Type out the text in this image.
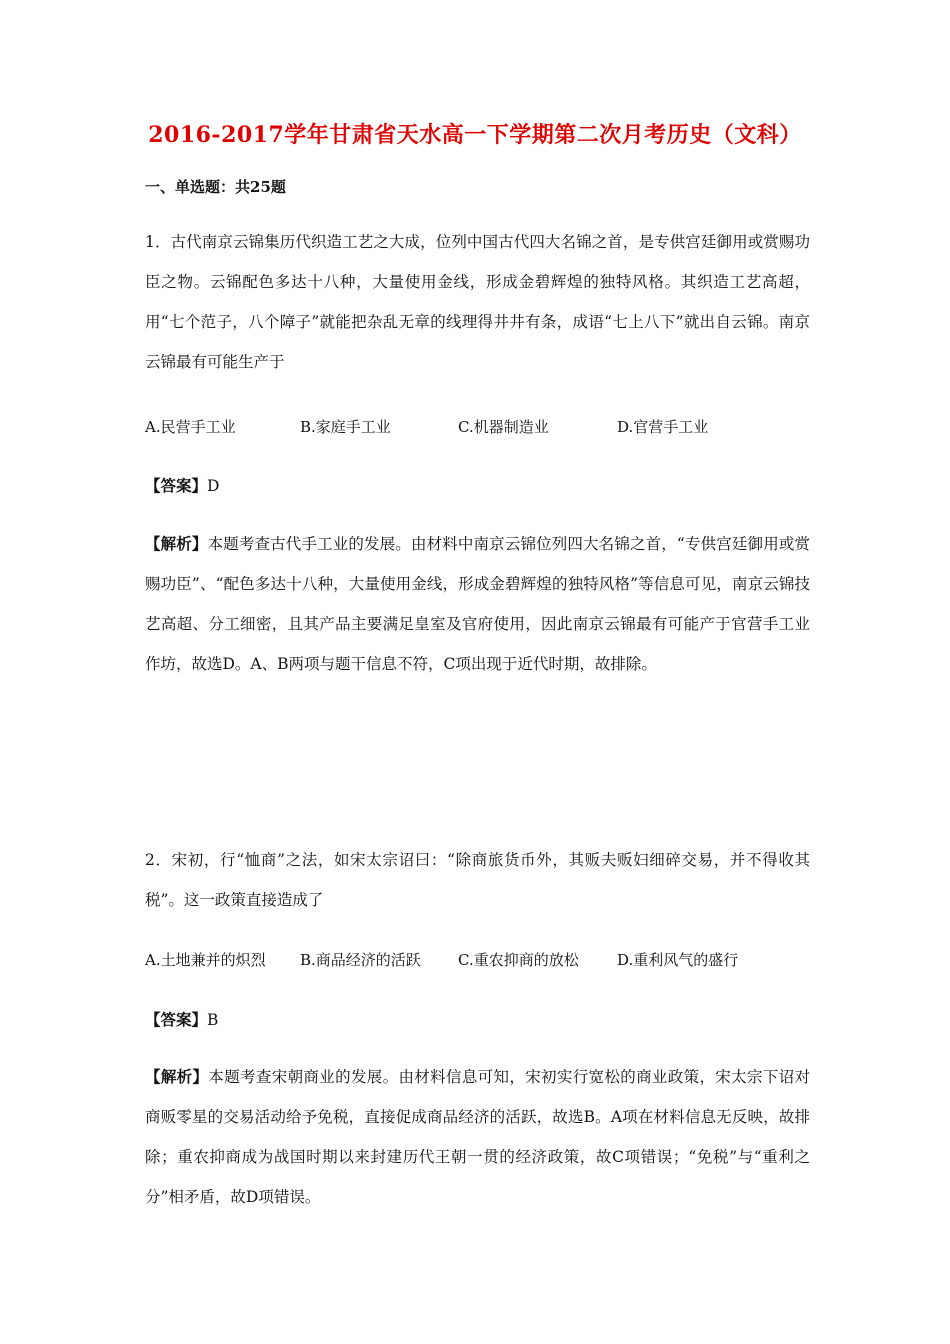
2016-2017学年甘肃省天水高一下学期第二次月考历史（文科）
一、单选题：共25题
1．古代南京云锦集历代织造工艺之大成，位列中国古代四大名锦之首，是专供宫廷御用或赏赐功臣之物。云锦配色多达十八种，大量使用金线，形成金碧辉煌的独特风格。其织造工艺高超，用“七个范子，八个障子”就能把杂乱无章的线理得井井有条，成语“七上八下”就出自云锦。南京云锦最有可能生产于
A.民营手工业	B.家庭手工业	C.机器制造业	D.官营手工业
【答案】D
【解析】本题考查古代手工业的发展。由材料中南京云锦位列四大名锦之首，“专供宫廷御用或赏赐功臣”、“配色多达十八种，大量使用金线，形成金碧辉煌的独特风格”等信息可见，南京云锦技艺高超、分工细密，且其产品主要满足皇室及官府使用，因此南京云锦最有可能产于官营手工业作坊，故选D。A、B两项与题干信息不符，C项出现于近代时期，故排除。
2．宋初，行“恤商”之法，如宋太宗诏曰：“除商旅货币外，其贩夫贩妇细碎交易，并不得收其税”。这一政策直接造成了
A.土地兼并的炽烈 B.商品经济的活跃 C.重农抑商的放松	D.重利风气的盛行
【答案】B
【解析】本题考查宋朝商业的发展。由材料信息可知，宋初实行宽松的商业政策，宋太宗下诏对商贩零星的交易活动给予免税，直接促成商品经济的活跃，故选B。A项在材料信息无反映，故排除；重农抑商成为战国时期以来封建历代王朝一贯的经济政策，故C项错误；“免税”与“重利之分”相矛盾，故D项错误。
